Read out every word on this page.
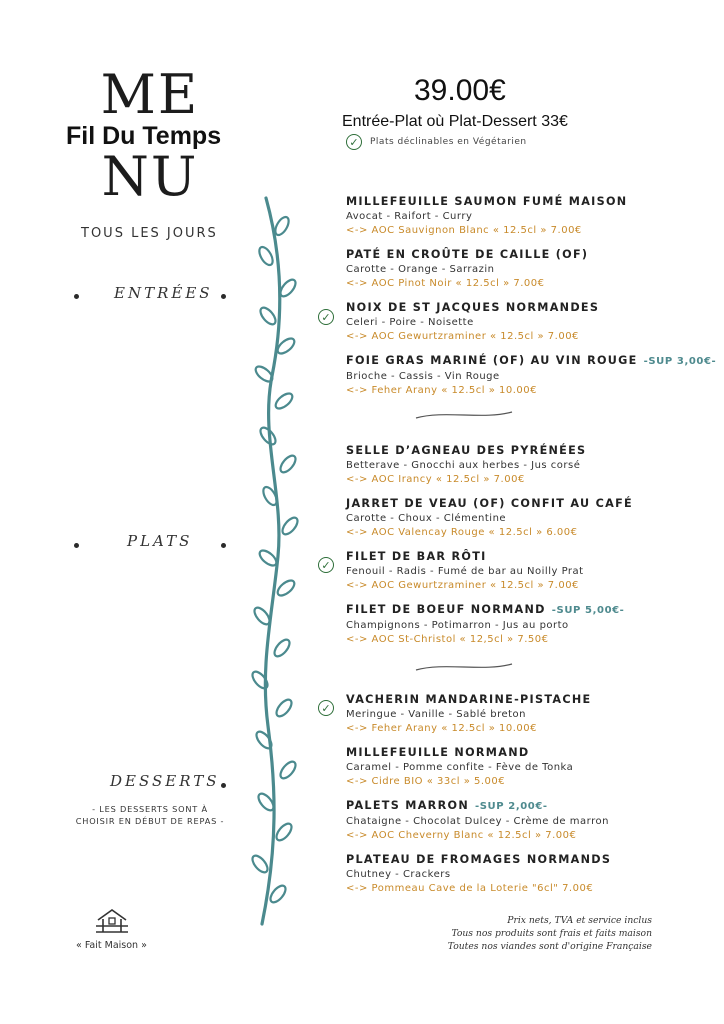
ME
Fil Du Temps
NU
TOUS LES JOURS
ENTRÉES
PLATS
DESSERTS
- LES DESSERTS SONT À
CHOISIR EN DÉBUT DE REPAS -
« Fait Maison »
39.00€
Entrée-Plat où Plat-Dessert 33€
✓	Plats déclinables en Végétarien
MILLEFEUILLE SAUMON FUMÉ MAISON
Avocat - Raifort - Curry
<-> AOC Sauvignon Blanc « 12.5cl » 7.00€
PATÉ EN CROÛTE DE CAILLE (OF)
Carotte - Orange - Sarrazin
<-> AOC Pinot Noir « 12.5cl » 7.00€
✓
NOIX DE ST JACQUES NORMANDES
Celeri - Poire - Noisette
<-> AOC Gewurtzraminer « 12.5cl » 7.00€
FOIE GRAS MARINÉ (OF) AU VIN ROUGE -SUP 3,00€-
Brioche - Cassis - Vin Rouge
<-> Feher Arany « 12.5cl » 10.00€
SELLE D’AGNEAU DES PYRÉNÉES
Betterave - Gnocchi aux herbes - Jus corsé
<-> AOC Irancy « 12.5cl » 7.00€
JARRET DE VEAU (OF) CONFIT AU CAFÉ
Carotte - Choux - Clémentine
<-> AOC Valencay Rouge « 12.5cl » 6.00€
✓
FILET DE BAR RÔTI
Fenouil - Radis - Fumé de bar au Noilly Prat
<-> AOC Gewurtzraminer « 12.5cl » 7.00€
FILET DE BOEUF NORMAND -SUP 5,00€-
Champignons - Potimarron - Jus au porto
<-> AOC St-Christol « 12,5cl » 7.50€
✓
VACHERIN MANDARINE-PISTACHE
Meringue - Vanille - Sablé breton
<-> Feher Arany « 12.5cl » 10.00€
MILLEFEUILLE NORMAND
Caramel - Pomme confite - Fève de Tonka
<-> Cidre BIO « 33cl » 5.00€
PALETS MARRON -SUP 2,00€-
Chataigne - Chocolat Dulcey - Crème de marron
<-> AOC Cheverny Blanc « 12.5cl » 7.00€
PLATEAU DE FROMAGES NORMANDS
Chutney - Crackers
<-> Pommeau Cave de la Loterie "6cl" 7.00€
Prix nets, TVA et service inclus
Tous nos produits sont frais et faits maison
Toutes nos viandes sont d'origine Française
